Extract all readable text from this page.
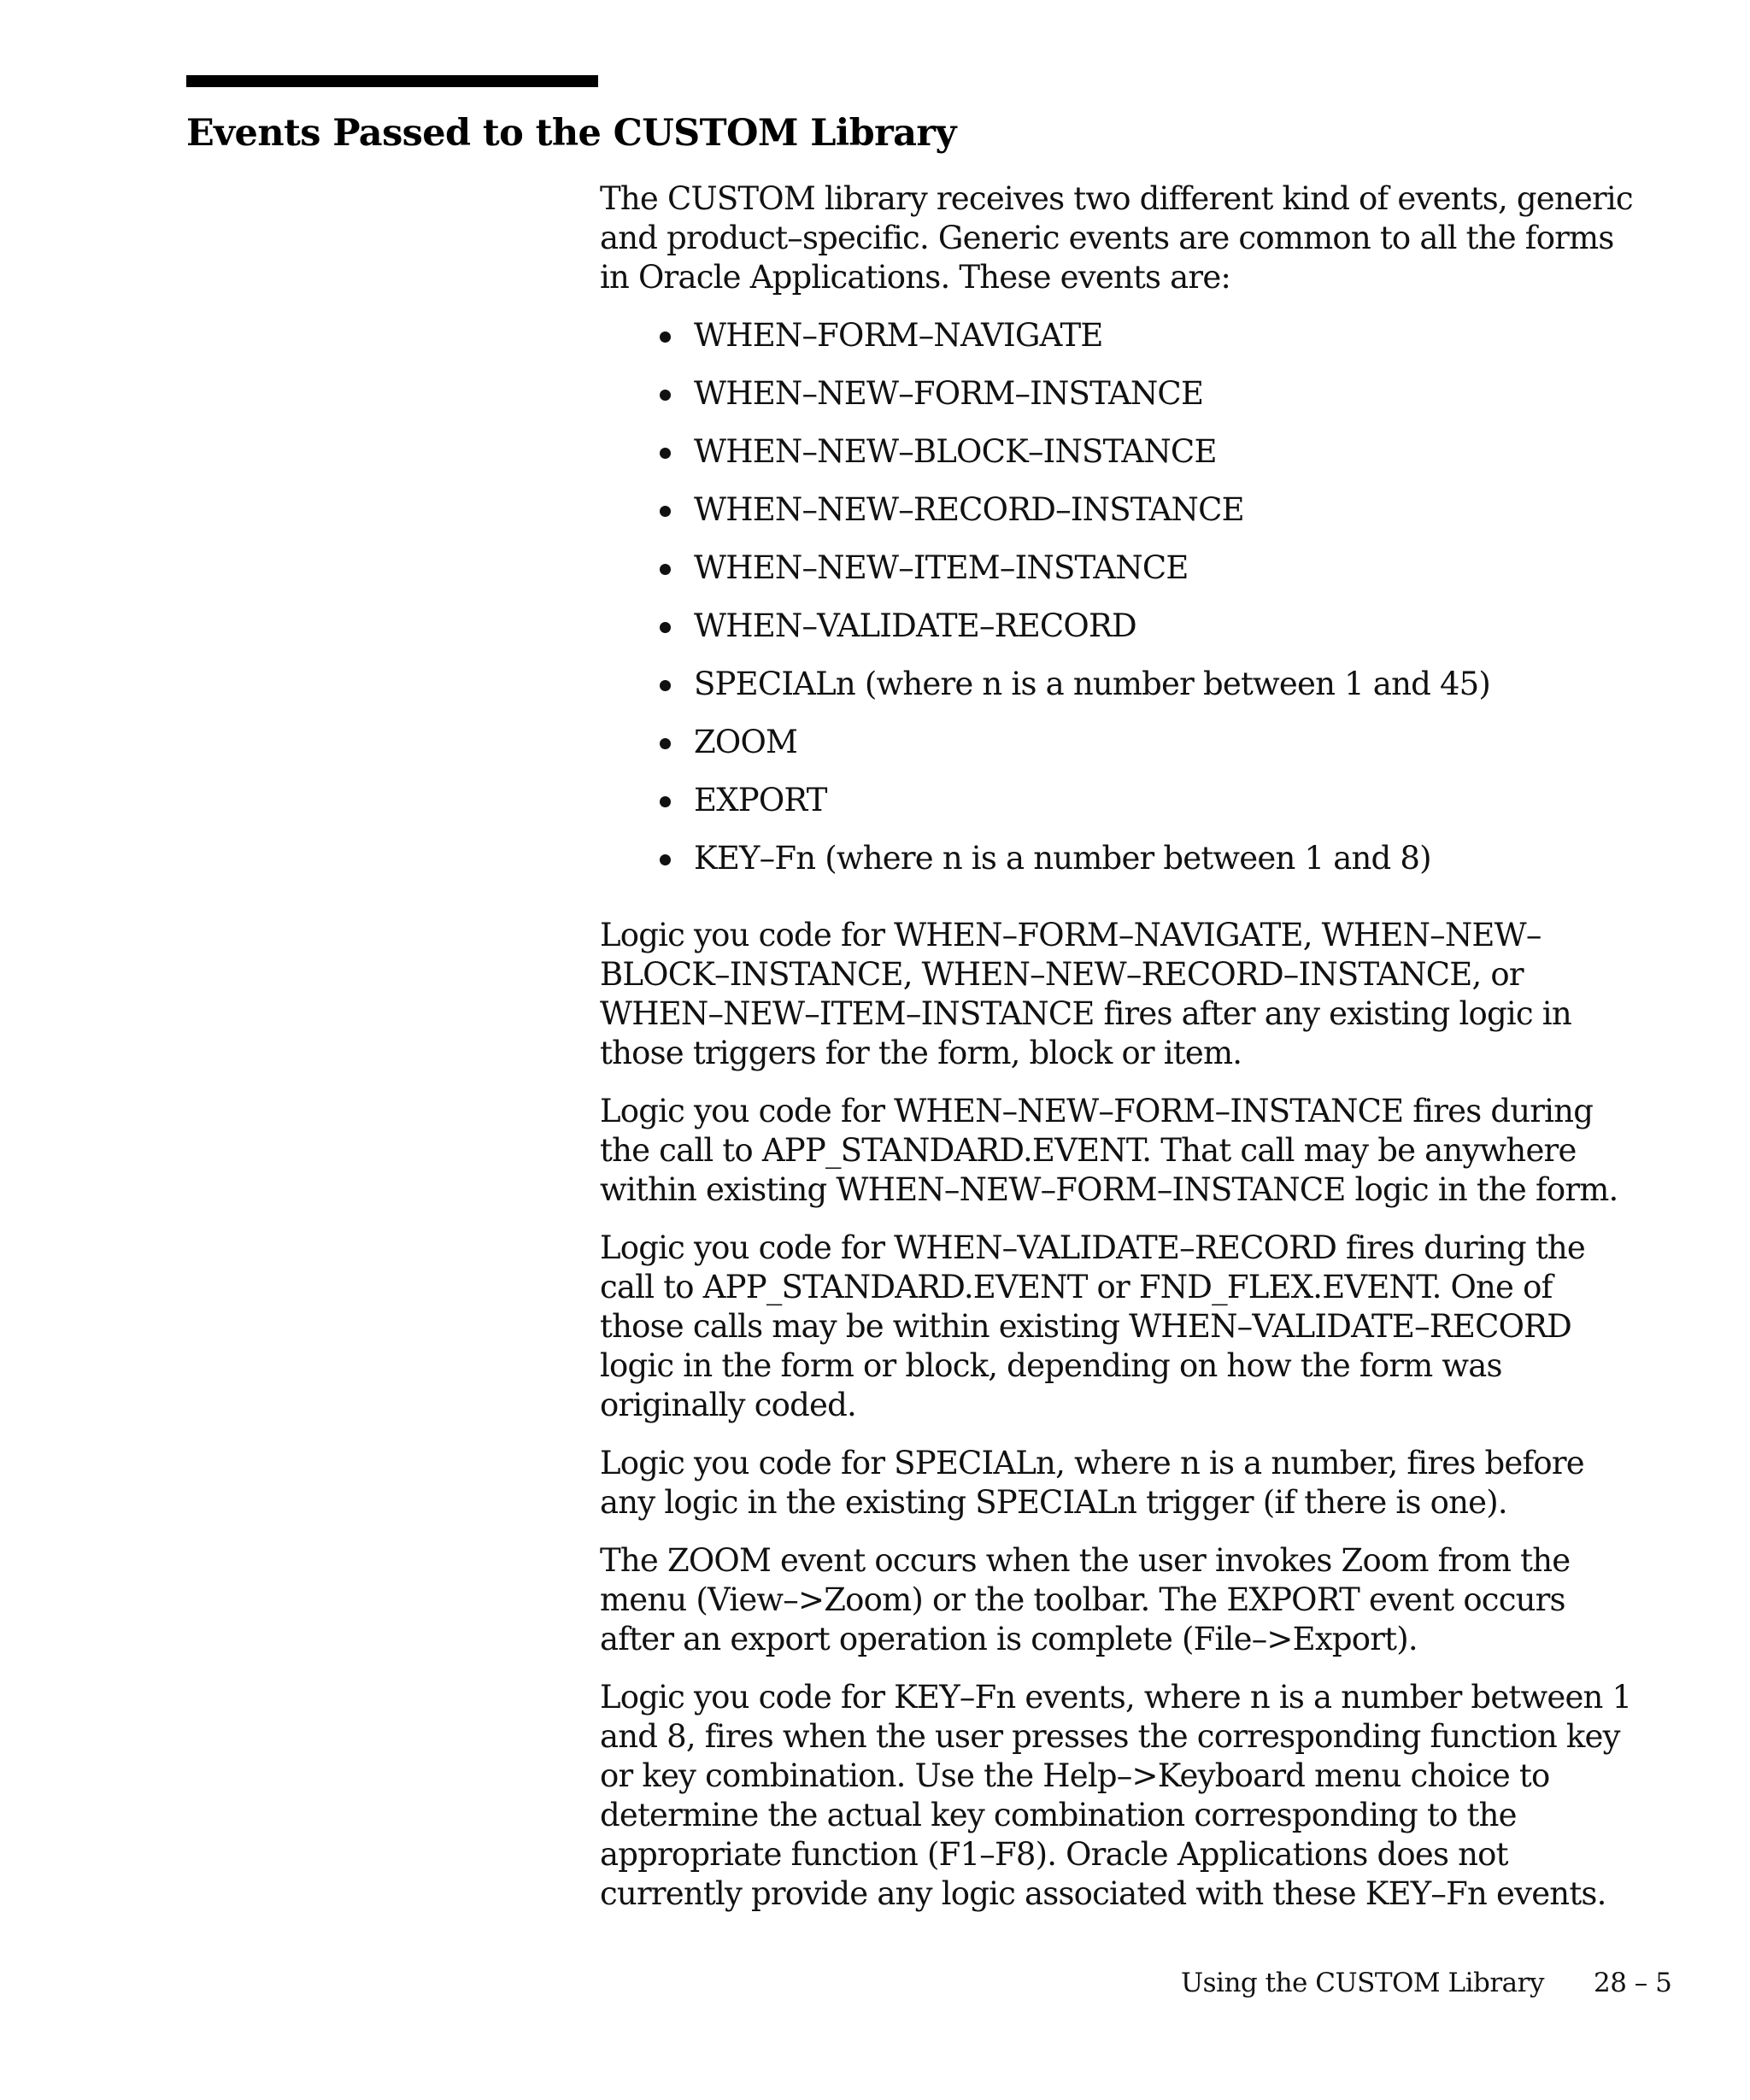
Events Passed to the CUSTOM Library

The CUSTOM library receives two different kind of events, generic and product–specific. Generic events are common to all the forms in Oracle Applications. These events are:

WHEN–FORM–NAVIGATE
WHEN–NEW–FORM–INSTANCE
WHEN–NEW–BLOCK–INSTANCE
WHEN–NEW–RECORD–INSTANCE
WHEN–NEW–ITEM–INSTANCE
WHEN–VALIDATE–RECORD
SPECIALn (where n is a number between 1 and 45)
ZOOM
EXPORT
KEY–Fn (where n is a number between 1 and 8)

Logic you code for WHEN–FORM–NAVIGATE, WHEN–NEW–BLOCK–INSTANCE, WHEN–NEW–RECORD–INSTANCE, or WHEN–NEW–ITEM–INSTANCE fires after any existing logic in those triggers for the form, block or item.

Logic you code for WHEN–NEW–FORM–INSTANCE fires during the call to APP_STANDARD.EVENT. That call may be anywhere within existing WHEN–NEW–FORM–INSTANCE logic in the form.

Logic you code for WHEN–VALIDATE–RECORD fires during the call to APP_STANDARD.EVENT or FND_FLEX.EVENT. One of those calls may be within existing WHEN–VALIDATE–RECORD logic in the form or block, depending on how the form was originally coded.

Logic you code for SPECIALn, where n is a number, fires before any logic in the existing SPECIALn trigger (if there is one).

The ZOOM event occurs when the user invokes Zoom from the menu (View–>Zoom) or the toolbar. The EXPORT event occurs after an export operation is complete (File–>Export).

Logic you code for KEY–Fn events, where n is a number between 1 and 8, fires when the user presses the corresponding function key or key combination. Use the Help–>Keyboard menu choice to determine the actual key combination corresponding to the appropriate function (F1–F8). Oracle Applications does not currently provide any logic associated with these KEY–Fn events.

Using the CUSTOM Library 28 – 5
